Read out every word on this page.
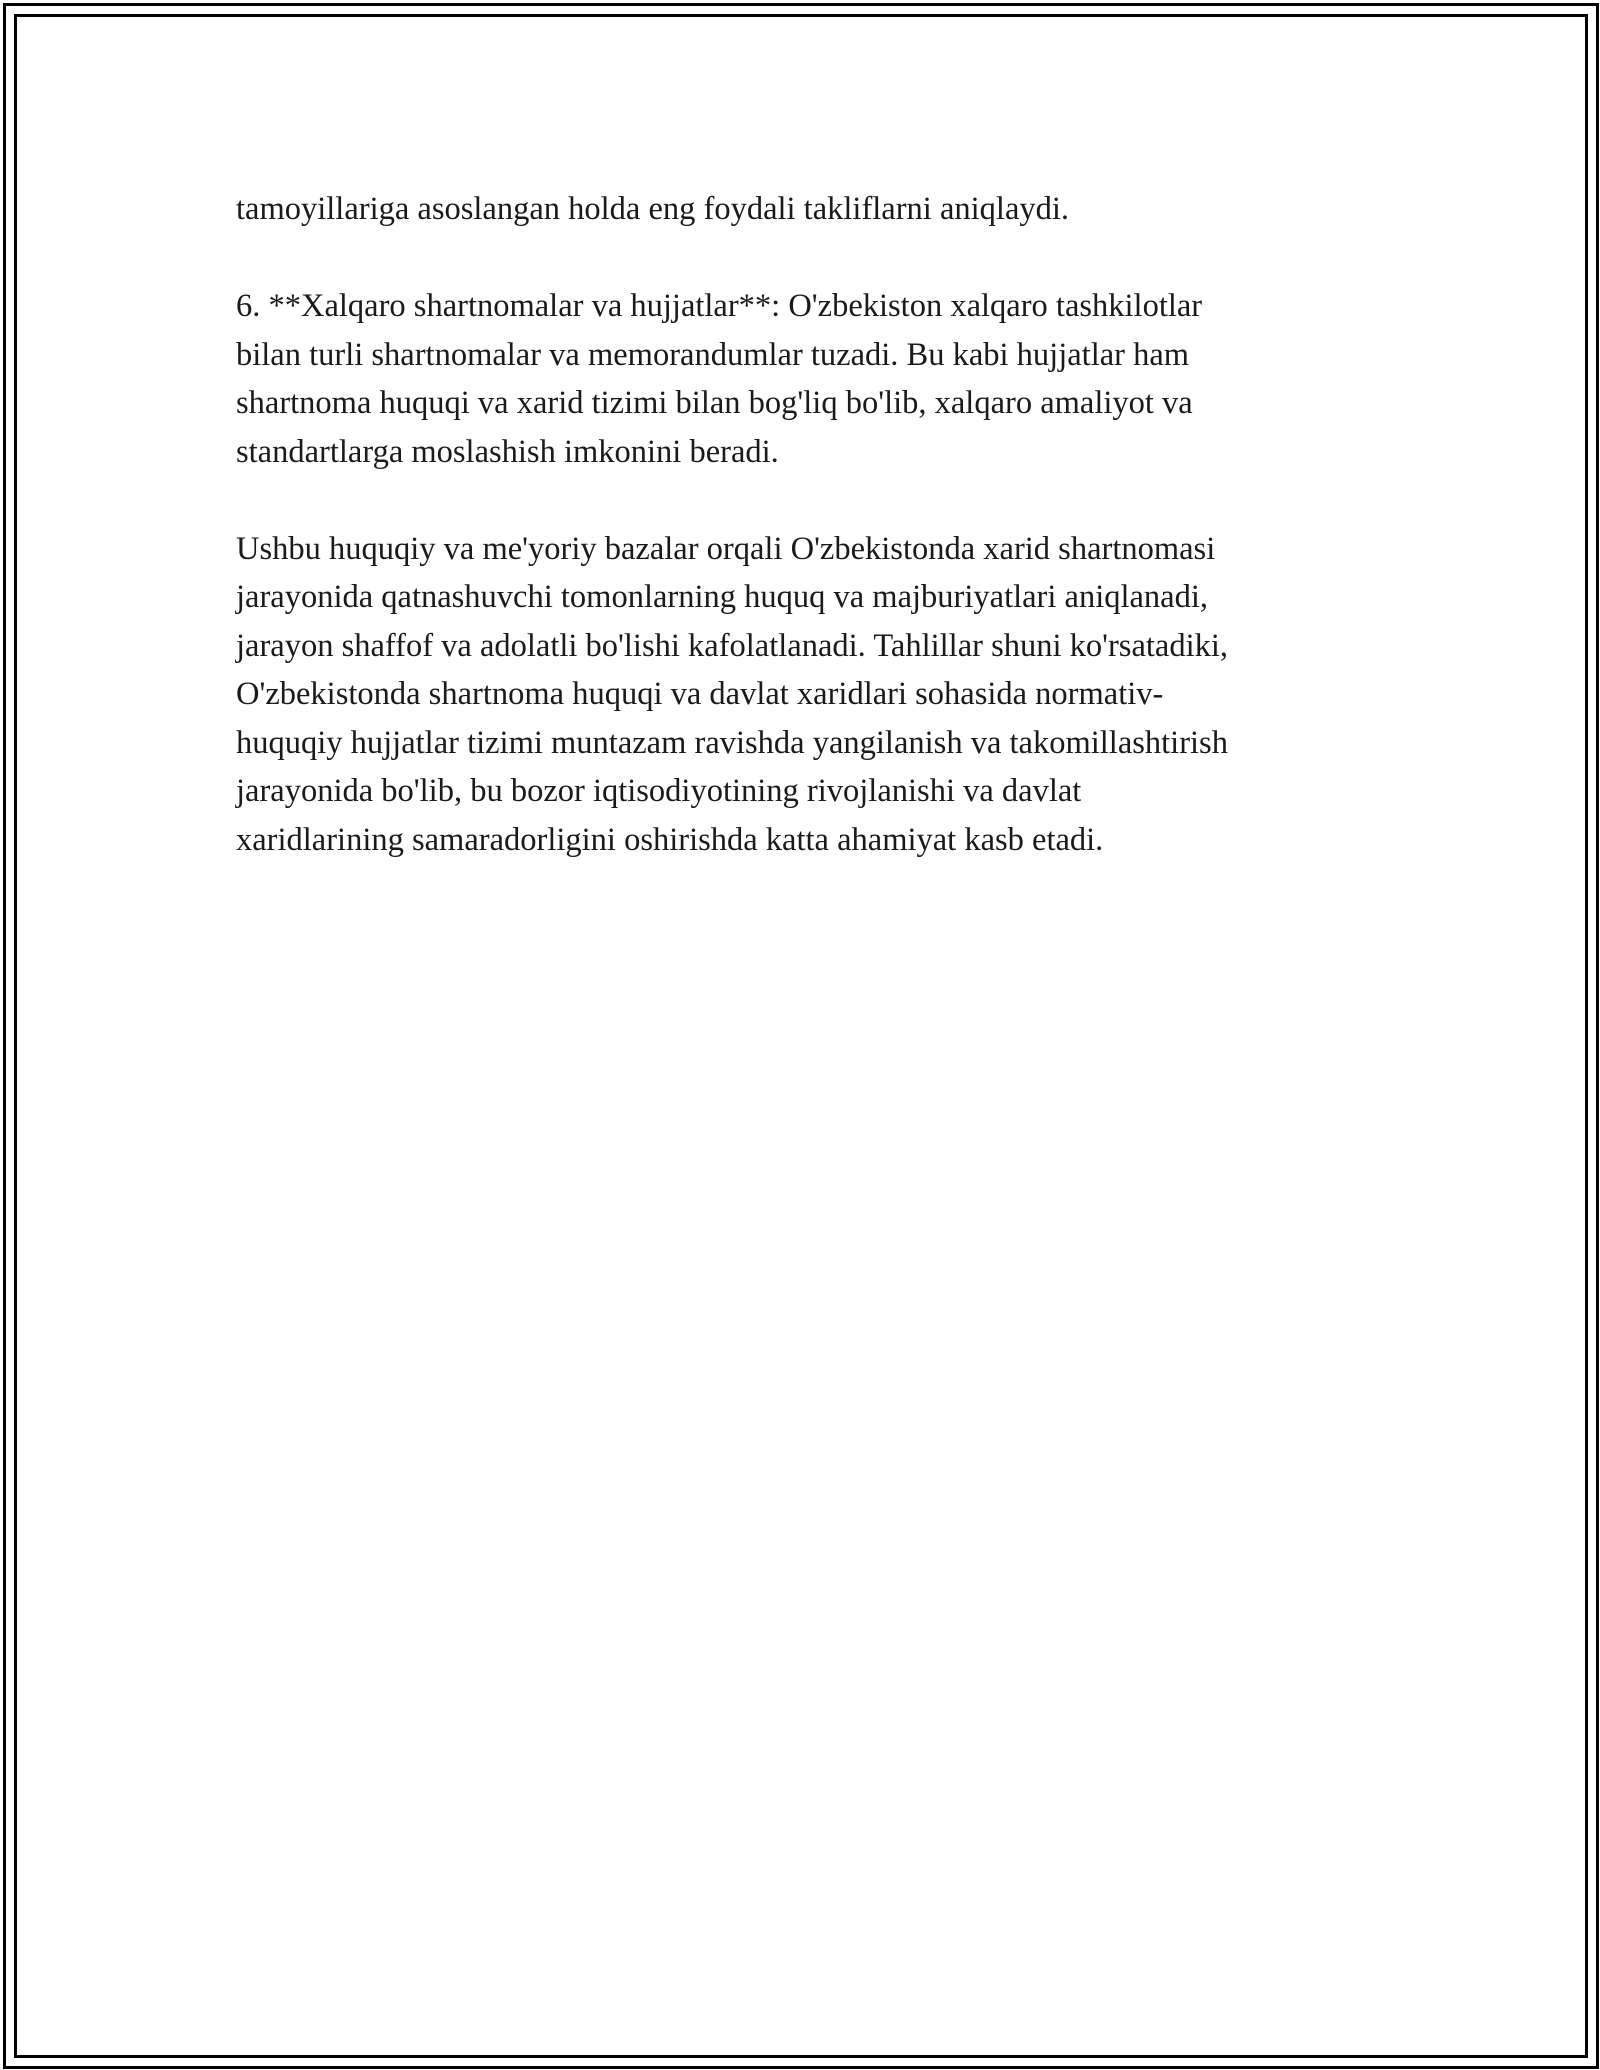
tamoyillariga asoslangan holda eng foydali takliflarni aniqlaydi.

6. **Xalqaro shartnomalar va hujjatlar**: O'zbekiston xalqaro tashkilotlar
bilan turli shartnomalar va memorandumlar tuzadi. Bu kabi hujjatlar ham
shartnoma huquqi va xarid tizimi bilan bog'liq bo'lib, xalqaro amaliyot va
standartlarga moslashish imkonini beradi.

Ushbu huquqiy va me'yoriy bazalar orqali O'zbekistonda xarid shartnomasi
jarayonida qatnashuvchi tomonlarning huquq va majburiyatlari aniqlanadi,
jarayon shaffof va adolatli bo'lishi kafolatlanadi. Tahlillar shuni ko'rsatadiki,
O'zbekistonda shartnoma huquqi va davlat xaridlari sohasida normativ-
huquqiy hujjatlar tizimi muntazam ravishda yangilanish va takomillashtirish
jarayonida bo'lib, bu bozor iqtisodiyotining rivojlanishi va davlat
xaridlarining samaradorligini oshirishda katta ahamiyat kasb etadi.
